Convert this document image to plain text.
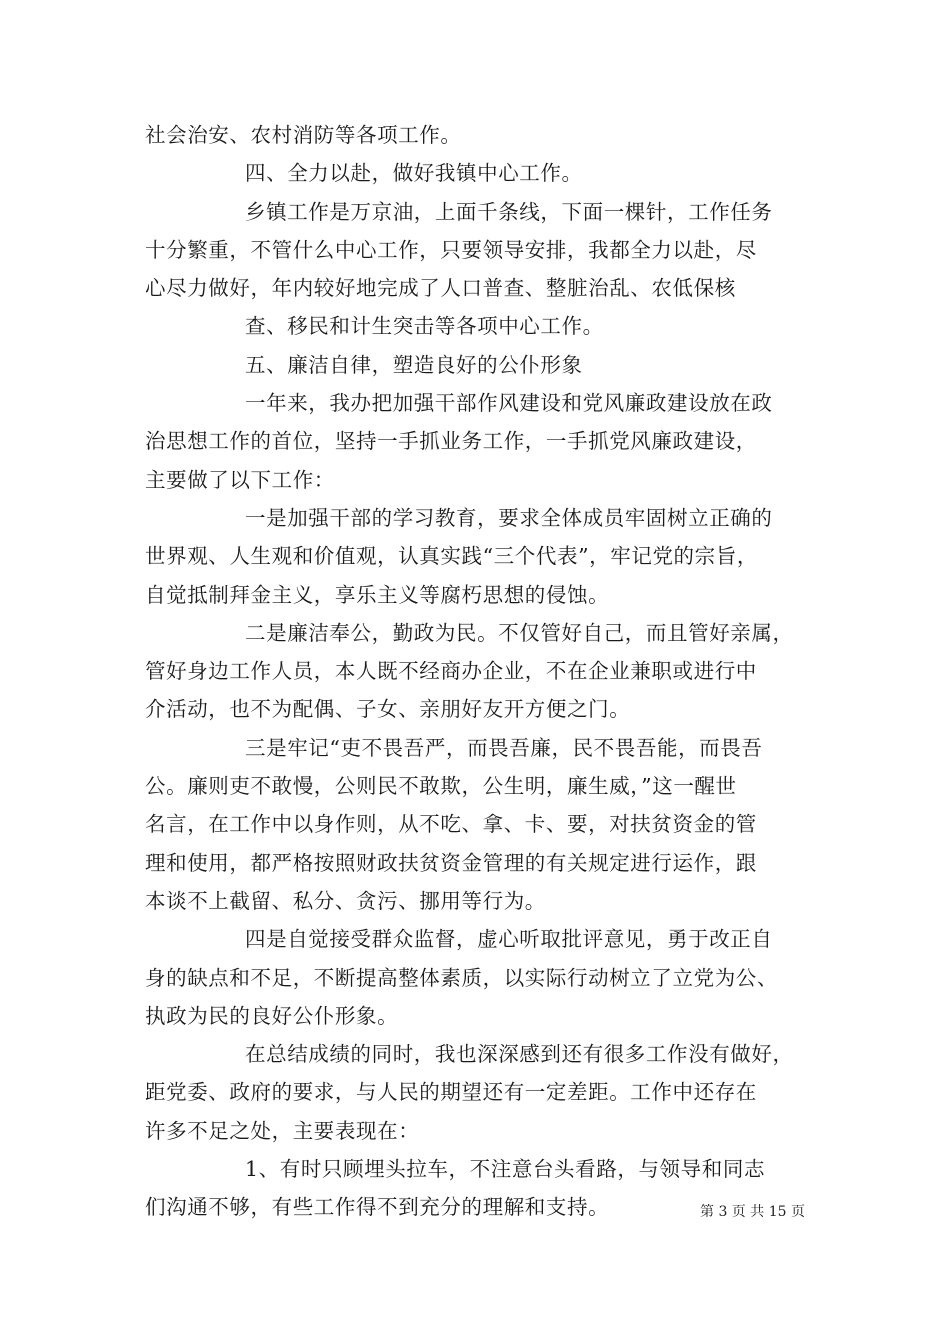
社会治安、农村消防等各项工作。
四、全力以赴，做好我镇中心工作。
乡镇工作是万京油，上面千条线，下面一棵针，工作任务
十分繁重，不管什么中心工作，只要领导安排，我都全力以赴，尽
心尽力做好，年内较好地完成了人口普查、整脏治乱、农低保核
查、移民和计生突击等各项中心工作。
五、廉洁自律，塑造良好的公仆形象
一年来，我办把加强干部作风建设和党风廉政建设放在政
治思想工作的首位，坚持一手抓业务工作，一手抓党风廉政建设，
主要做了以下工作：
一是加强干部的学习教育，要求全体成员牢固树立正确的
世界观、人生观和价值观，认真实践“三个代表”，牢记党的宗旨，
自觉抵制拜金主义，享乐主义等腐朽思想的侵蚀。
二是廉洁奉公，勤政为民。不仅管好自己，而且管好亲属，
管好身边工作人员，本人既不经商办企业，不在企业兼职或进行中
介活动，也不为配偶、子女、亲朋好友开方便之门。
三是牢记“吏不畏吾严，而畏吾廉，民不畏吾能，而畏吾
公。廉则吏不敢慢，公则民不敢欺，公生明，廉生威，”这一醒世
名言，在工作中以身作则，从不吃、拿、卡、要，对扶贫资金的管
理和使用，都严格按照财政扶贫资金管理的有关规定进行运作，跟
本谈不上截留、私分、贪污、挪用等行为。
四是自觉接受群众监督，虚心听取批评意见，勇于改正自
身的缺点和不足，不断提高整体素质，以实际行动树立了立党为公、
执政为民的良好公仆形象。
在总结成绩的同时，我也深深感到还有很多工作没有做好，
距党委、政府的要求，与人民的期望还有一定差距。工作中还存在
许多不足之处，主要表现在：
1、有时只顾埋头拉车，不注意台头看路，与领导和同志
们沟通不够，有些工作得不到充分的理解和支持。	第 3 页 共 15 页
